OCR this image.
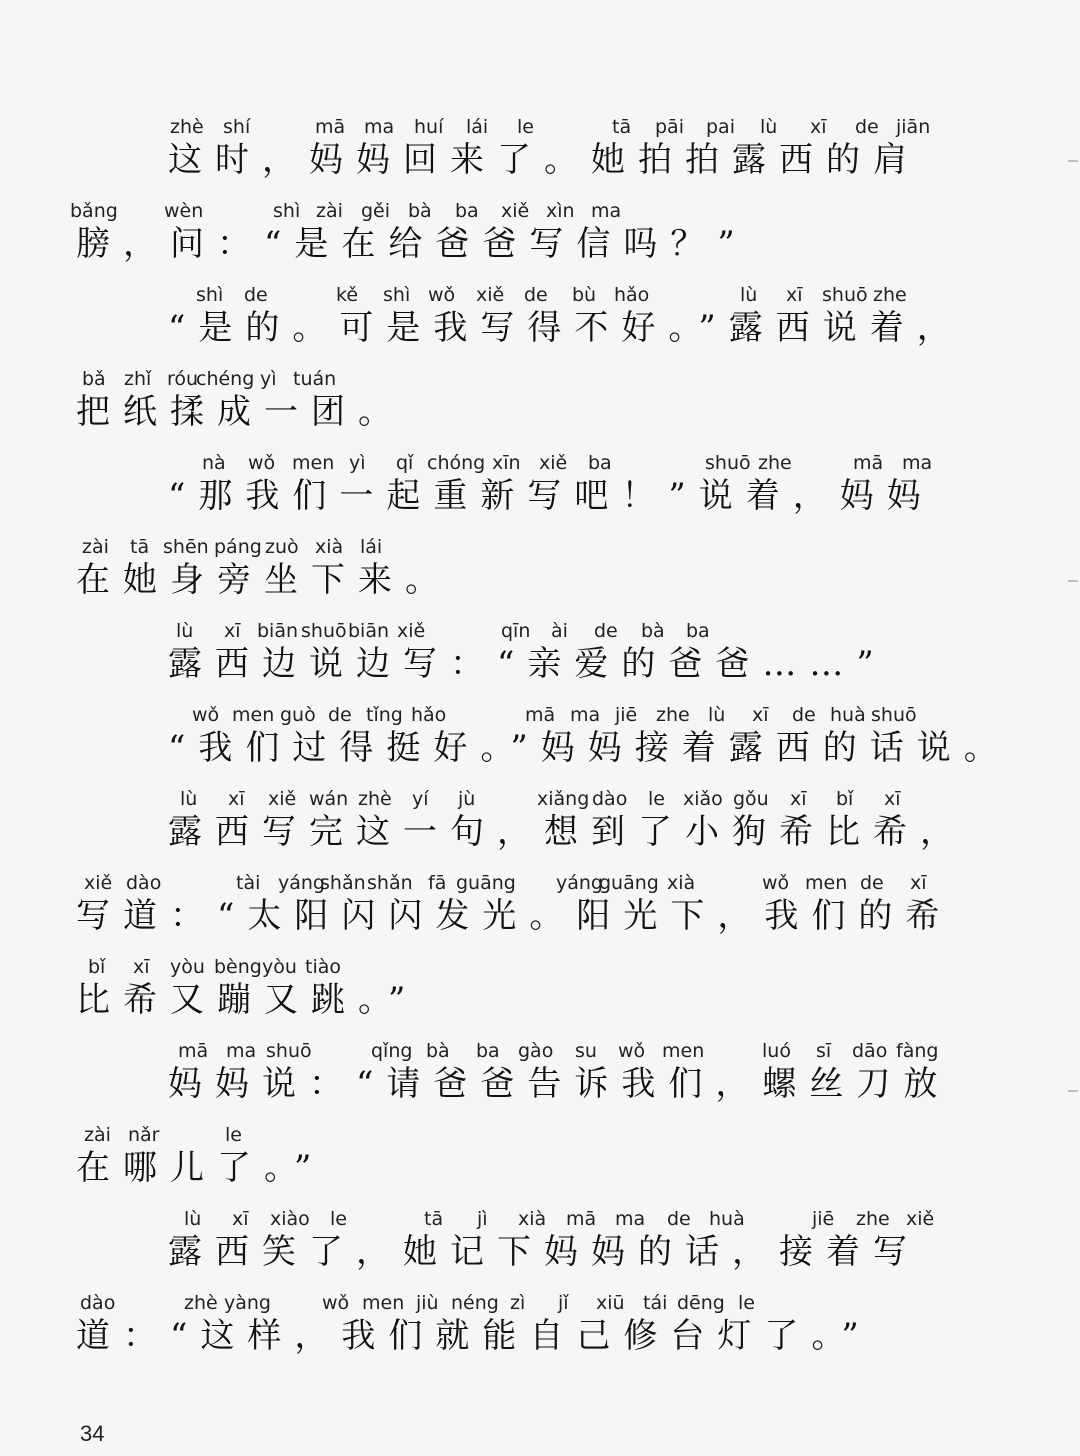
zhè shí	mā ma huí lái le	tā pāi pai lù xī de jiān
这时，妈妈回来了。她拍拍露西的肩
bǎng wèn	shì zài gěi bà ba xiě xìn ma
膀，问：“是在给爸爸写信吗？”
shì de	kě shì wǒ xiě de bù hǎo	lù xī shuō zhe
“是的。可是我写得不好。”露西说着，
bǎ zhǐ róu
chéng yì tuán
把纸揉成一团。
nà wǒ men yì qǐ chóng xīn xiě ba	shuō zhe	mā ma
“那我们一起重新写吧！”说着，妈妈
zài tā shēn páng zuò xià lái
在她身旁坐下来。
lù xī biān shuō biān xiě	qīn ài de bà ba
露西边说边写：“亲爱的爸爸……”
wǒ men guò de tǐng hǎo	mā ma jiē zhe lù xī de huà shuō
“我们过得挺好。”妈妈接着露西的话说。
lù xī xiě wán zhè yí jù	xiǎng dào le xiǎo gǒu xī bǐ xī
露西写完这一句，想到了小狗希比希，
xiě dào	tài yáng
shǎn shǎn fā guāng yáng
guāng xià	wǒ men de xī
写道：“太阳闪闪发光。阳光下，我们的希
bǐ xī yòu bèng yòu tiào
比希又蹦又跳。”
mā ma shuō	qǐng bà ba gào su wǒ men	luó sī dāo fàng
妈妈说：“请爸爸告诉我们，螺丝刀放
zài nǎr	le
在哪儿了。”
lù xī xiào le	tā jì xià mā ma de huà	jiē zhe xiě
露西笑了，她记下妈妈的话，接着写
dào	zhè yàng	wǒ men jiù néng zì jǐ xiū tái dēng le
道：“这样，我们就能自己修台灯了。”
34
